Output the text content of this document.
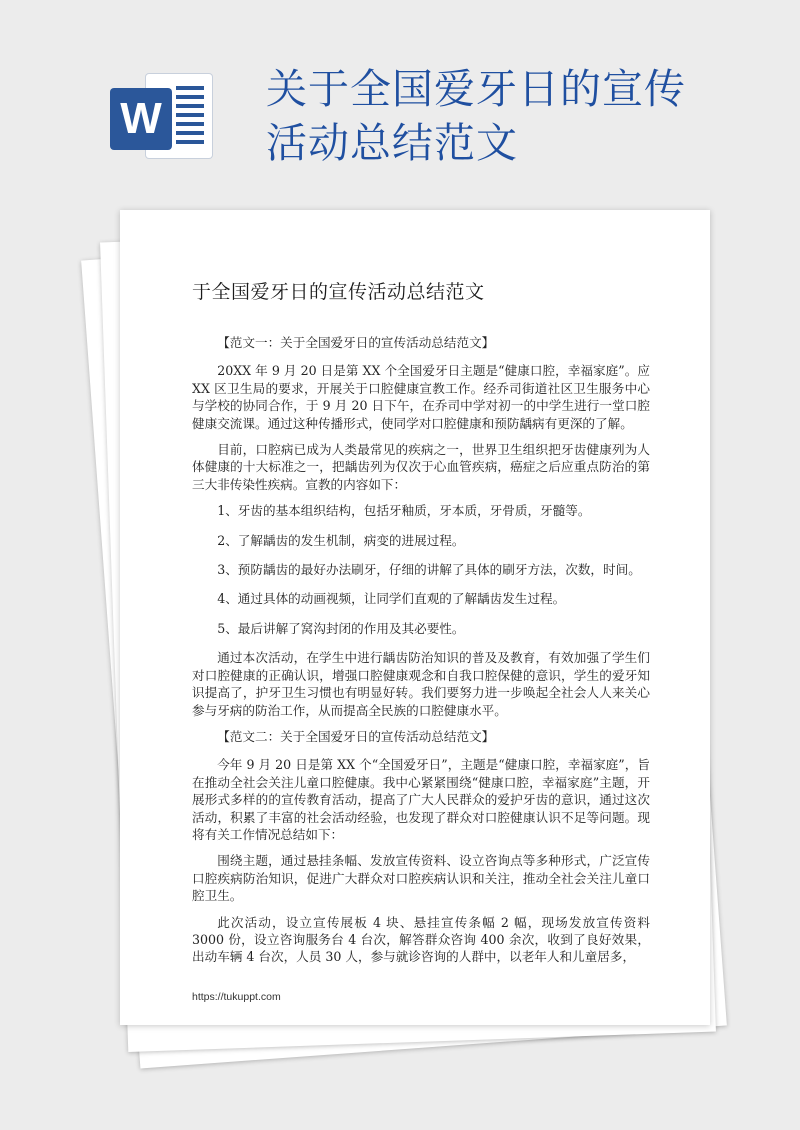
W
关于全国爱牙日的宣传
活动总结范文
于全国爱牙日的宣传活动总结范文

【范文一：关于全国爱牙日的宣传活动总结范文】

20XX 年 9 月 20 日是第 XX 个全国爱牙日主题是“健康口腔，幸福家庭”。应 XX 区卫生局的要求，开展关于口腔健康宣教工作。经乔司街道社区卫生服务中心与学校的协同合作，于 9 月 20 日下午，在乔司中学对初一的中学生进行一堂口腔健康交流课。通过这种传播形式，使同学对口腔健康和预防龋病有更深的了解。

目前，口腔病已成为人类最常见的疾病之一，世界卫生组织把牙齿健康列为人体健康的十大标准之一，把龋齿列为仅次于心血管疾病，癌症之后应重点防治的第三大非传染性疾病。宣教的内容如下：

1、牙齿的基本组织结构，包括牙釉质，牙本质，牙骨质，牙髓等。

2、了解龋齿的发生机制，病变的进展过程。

3、预防龋齿的最好办法刷牙，仔细的讲解了具体的刷牙方法，次数，时间。

4、通过具体的动画视频，让同学们直观的了解龋齿发生过程。

5、最后讲解了窝沟封闭的作用及其必要性。

通过本次活动，在学生中进行龋齿防治知识的普及及教育，有效加强了学生们对口腔健康的正确认识，增强口腔健康观念和自我口腔保健的意识，学生的爱牙知识提高了，护牙卫生习惯也有明显好转。我们要努力进一步唤起全社会人人来关心参与牙病的防治工作，从而提高全民族的口腔健康水平。

【范文二：关于全国爱牙日的宣传活动总结范文】

今年 9 月 20 日是第 XX 个“全国爱牙日”，主题是“健康口腔，幸福家庭”，旨在推动全社会关注儿童口腔健康。我中心紧紧围绕“健康口腔，幸福家庭”主题，开展形式多样的的宣传教育活动，提高了广大人民群众的爱护牙齿的意识，通过这次活动，积累了丰富的社会活动经验，也发现了群众对口腔健康认识不足等问题。现将有关工作情况总结如下：

围绕主题，通过悬挂条幅、发放宣传资料、设立咨询点等多种形式，广泛宣传口腔疾病防治知识，促进广大群众对口腔疾病认识和关注，推动全社会关注儿童口腔卫生。

此次活动，设立宣传展板 4 块、悬挂宣传条幅 2 幅，现场发放宣传资料 3000 份，设立咨询服务台 4 台次，解答群众咨询 400 余次，收到了良好效果，出动车辆 4 台次，人员 30 人，参与就诊咨询的人群中，以老年人和儿童居多，

https://tukuppt.com
